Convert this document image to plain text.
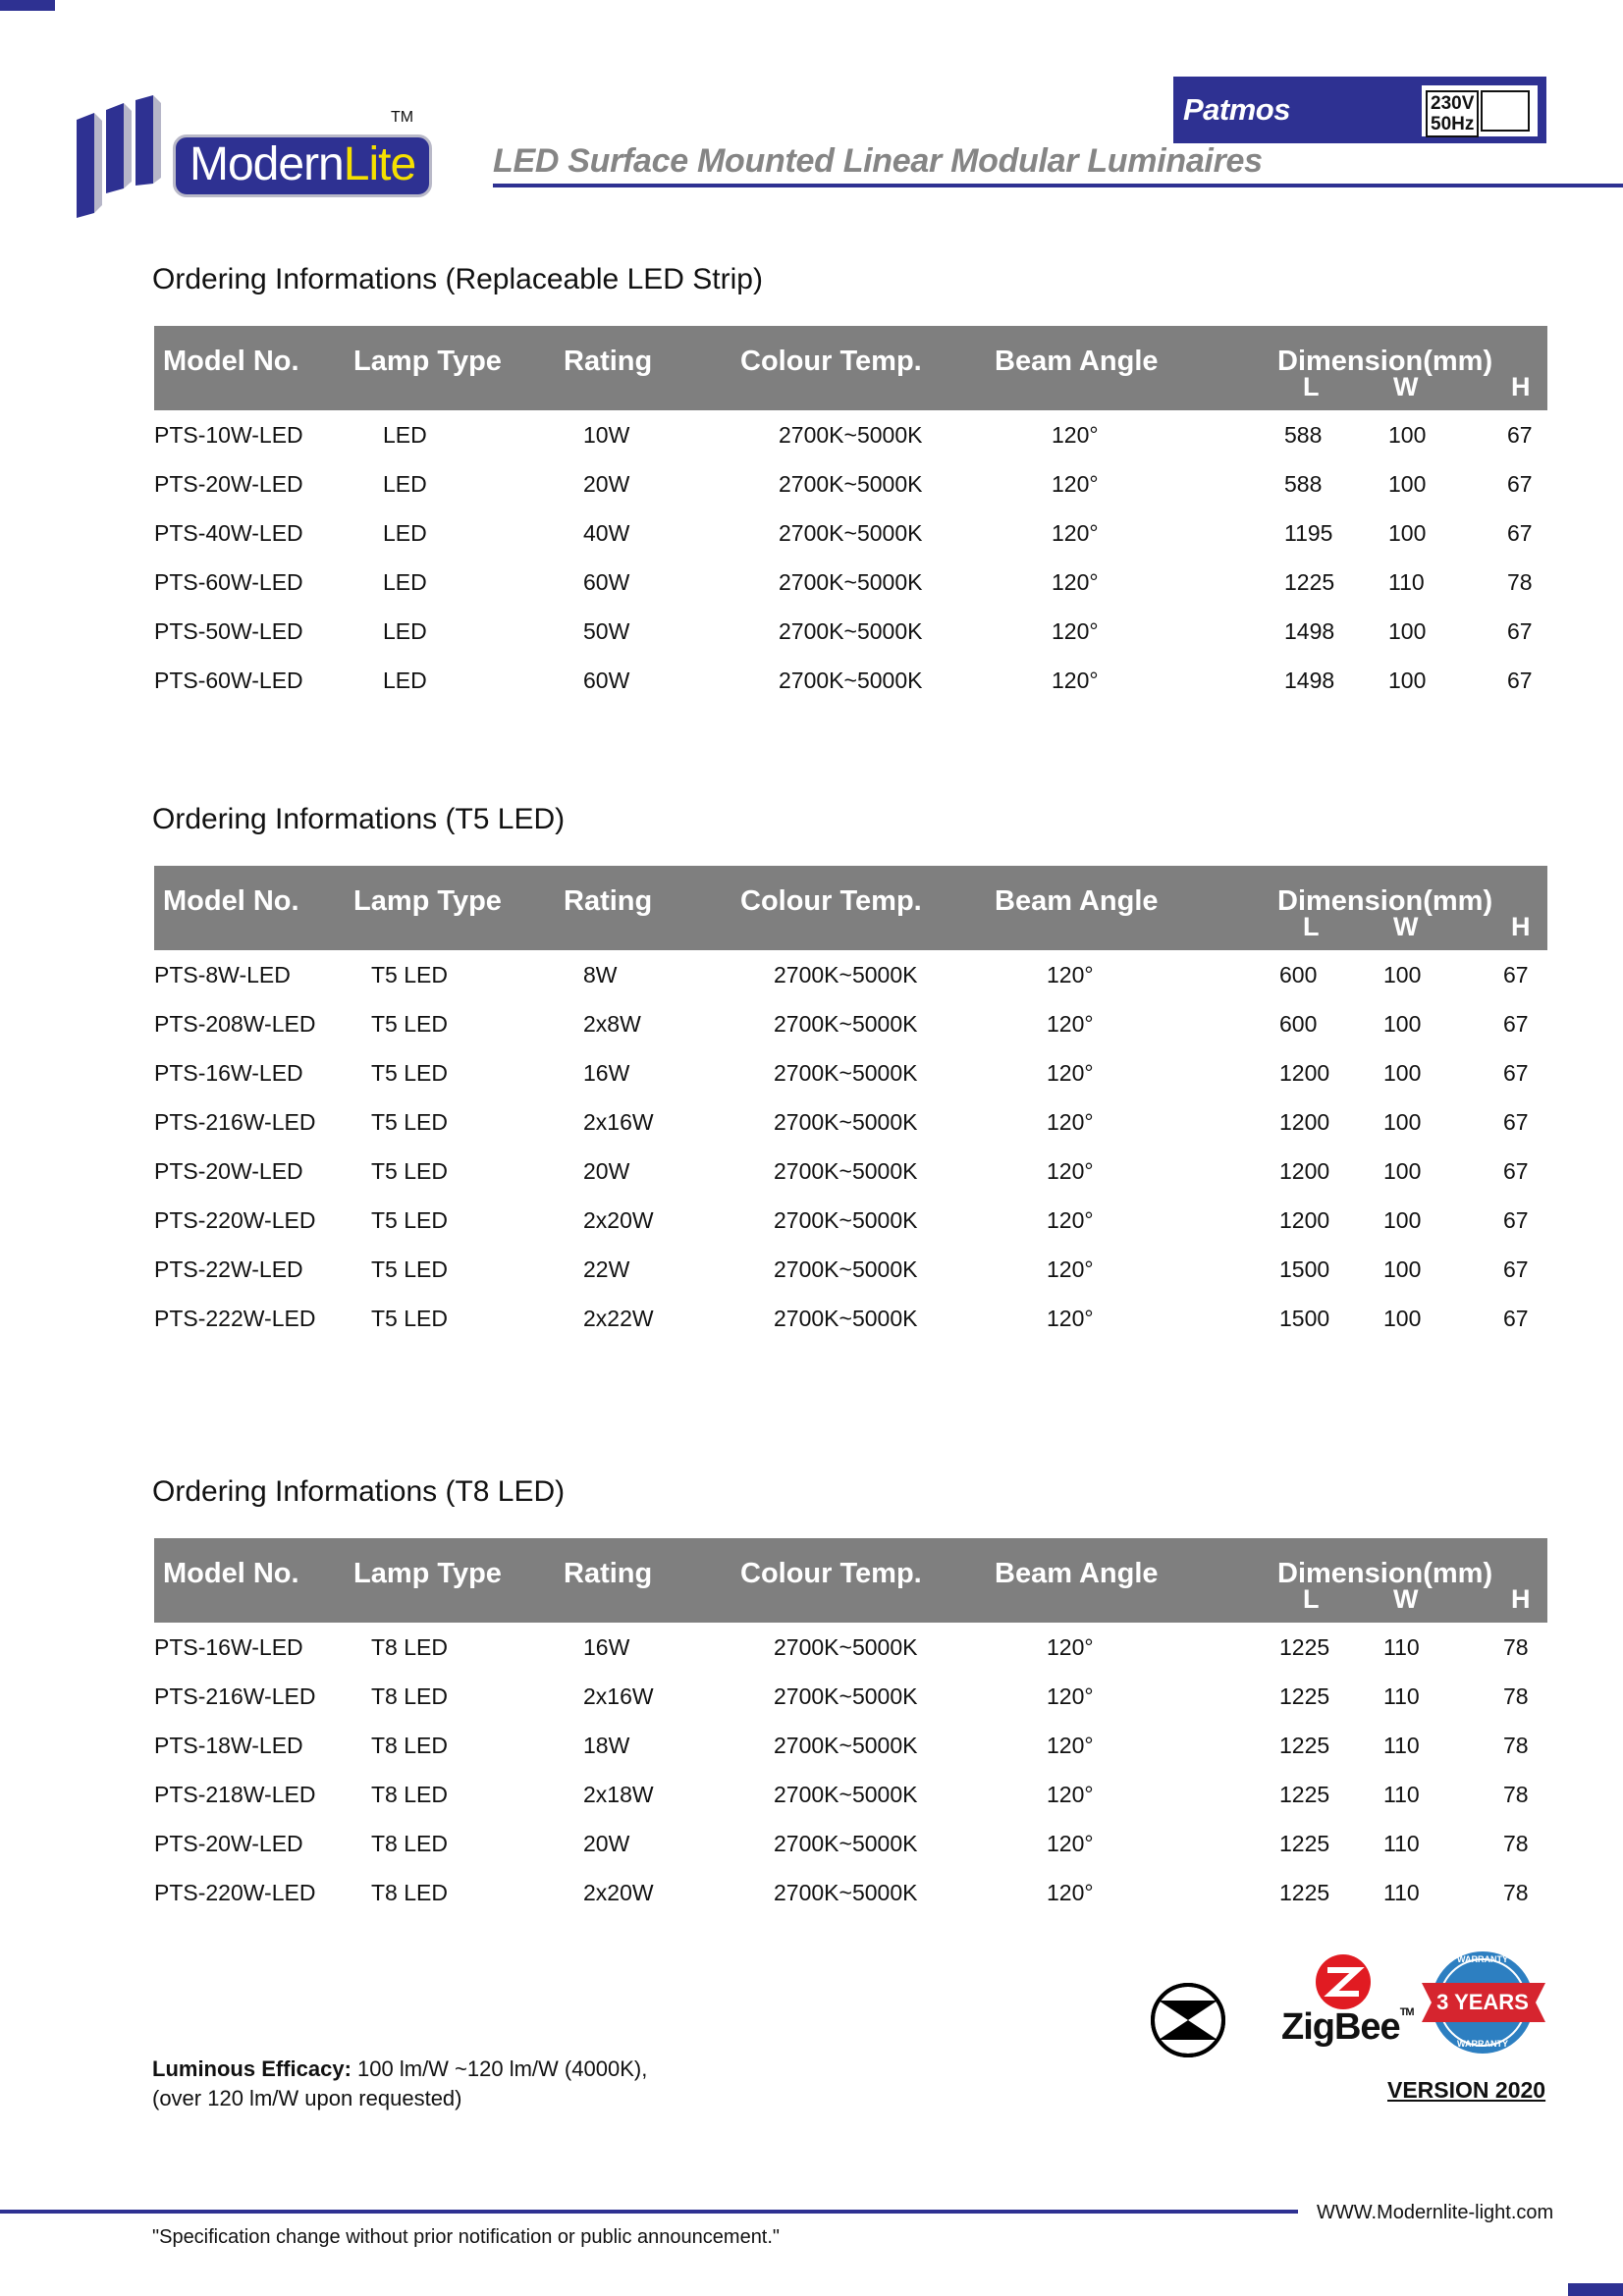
ModernLite
TM	Patmos	230V
50Hz
LED Surface Mounted Linear Modular Luminaires
Ordering Informations (Replaceable LED Strip)
Model No. Lamp Type Rating	Colour Temp.	Beam Angle	Dimension(mm)
L	W	H
PTS-10W-LED	LED	10W	2700K~5000K	120°	588	100	67
PTS-20W-LED	LED	20W	2700K~5000K	120°	588	100	67
PTS-40W-LED	LED	40W	2700K~5000K	120°	1195 100	67
PTS-60W-LED	LED	60W	2700K~5000K	120°	1225 110	78
PTS-50W-LED	LED	50W	2700K~5000K	120°	1498 100	67
PTS-60W-LED	LED	60W	2700K~5000K	120°	1498 100	67
Ordering Informations (T5 LED)
Model No. Lamp Type Rating	Colour Temp.	Beam Angle	Dimension(mm)
L	W	H
PTS-8W-LED	T5 LED	8W	2700K~5000K	120°	600	100	67
PTS-208W-LED T5 LED	2x8W	2700K~5000K	120°	600	100	67
PTS-16W-LED	T5 LED	16W	2700K~5000K	120°	1200 100	67
PTS-216W-LED T5 LED	2x16W	2700K~5000K	120°	1200 100	67
PTS-20W-LED	T5 LED	20W	2700K~5000K	120°	1200 100	67
PTS-220W-LED T5 LED	2x20W	2700K~5000K	120°	1200 100	67
PTS-22W-LED	T5 LED	22W	2700K~5000K	120°	1500 100	67
PTS-222W-LED T5 LED	2x22W	2700K~5000K	120°	1500 100	67
Ordering Informations (T8 LED)
Model No. Lamp Type Rating	Colour Temp.	Beam Angle	Dimension(mm)
L	W	H
PTS-16W-LED	T8 LED	16W	2700K~5000K	120°	1225 110	78
PTS-216W-LED T8 LED	2x16W	2700K~5000K	120°	1225 110	78
PTS-18W-LED	T8 LED	18W	2700K~5000K	120°	1225 110	78
PTS-218W-LED T8 LED	2x18W	2700K~5000K	120°	1225 110	78
PTS-20W-LED	T8 LED	20W	2700K~5000K	120°	1225 110	78
PTS-220W-LED T8 LED	2x20W	2700K~5000K	120°	1225 110	78
ZigBee™
WARRANTY
3 YEARS
WARRANTY
Luminous Efficacy: 100 lm/W ~120 lm/W (4000K),
(over 120 lm/W upon requested)	VERSION 2020
WWW.Modernlite-light.com
"Specification change without prior notification or public announcement."
